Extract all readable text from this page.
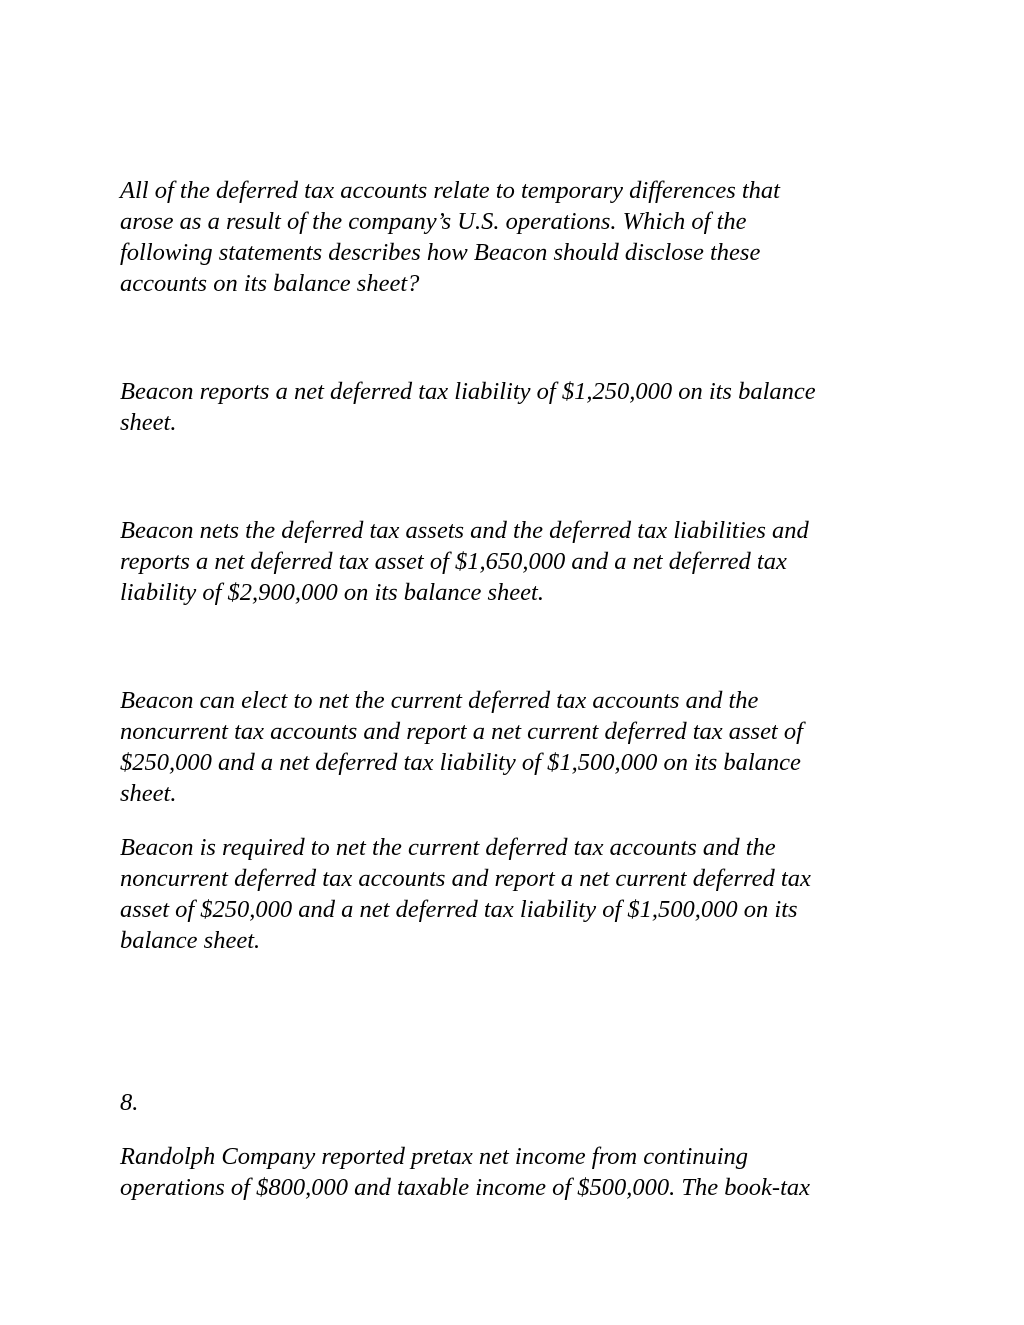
All of the deferred tax accounts relate to temporary differences that
arose as a result of the company’s U.S. operations. Which of the
following statements describes how Beacon should disclose these
accounts on its balance sheet?

Beacon reports a net deferred tax liability of $1,250,000 on its balance
sheet.

Beacon nets the deferred tax assets and the deferred tax liabilities and
reports a net deferred tax asset of $1,650,000 and a net deferred tax
liability of $2,900,000 on its balance sheet.

Beacon can elect to net the current deferred tax accounts and the
noncurrent tax accounts and report a net current deferred tax asset of
$250,000 and a net deferred tax liability of $1,500,000 on its balance
sheet.

Beacon is required to net the current deferred tax accounts and the
noncurrent deferred tax accounts and report a net current deferred tax
asset of $250,000 and a net deferred tax liability of $1,500,000 on its
balance sheet.

8.

Randolph Company reported pretax net income from continuing
operations of $800,000 and taxable income of $500,000. The book-tax
